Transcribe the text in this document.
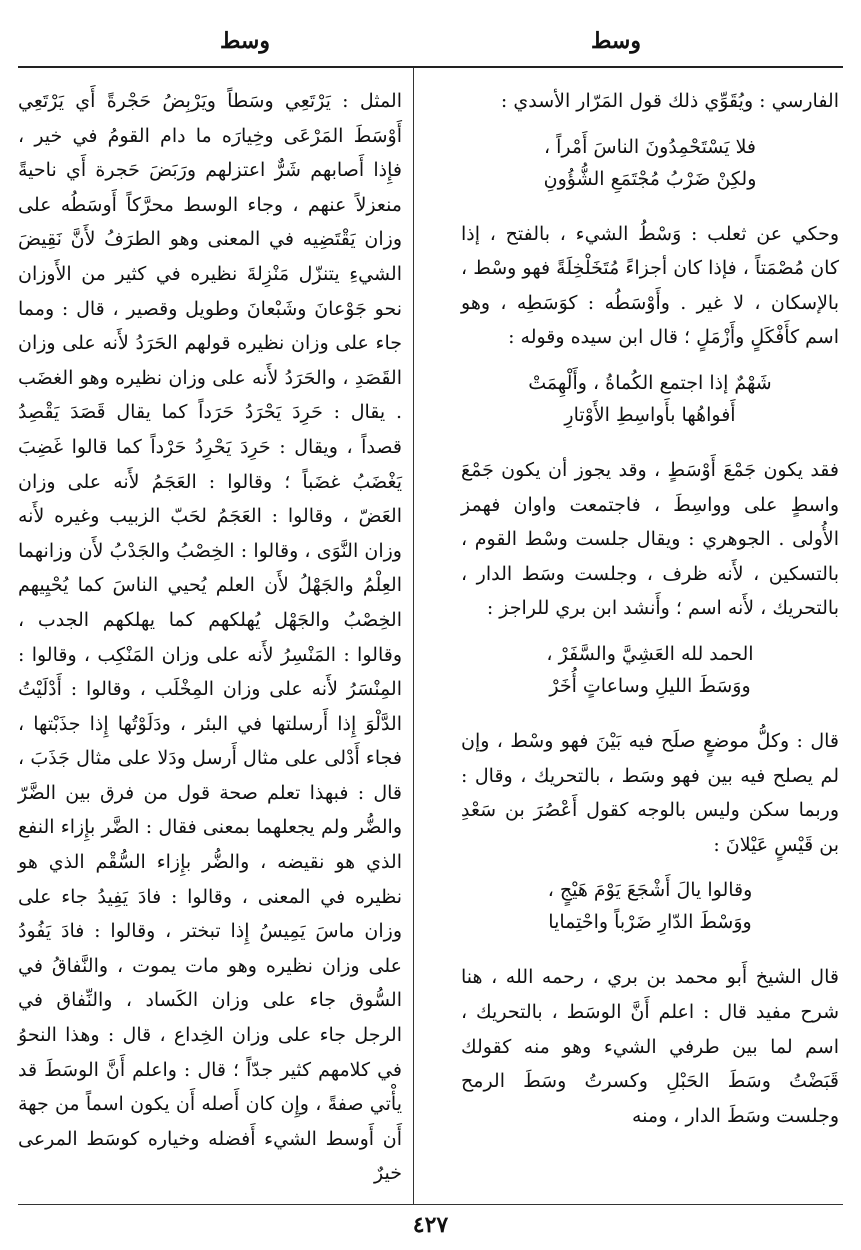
وسط
وسط

الفارسي : ويُقَوِّي ذلك قول المَرّار الأسدي :

فلا يَسْتَحْمِدُونَ الناسَ أَمْراً ،
ولكِنْ ضَرْبُ مُجْتَمَعِ الشُّؤُونِ

وحكي عن ثعلب : وَسْطُ الشيء ، بالفتح ، إذا كان مُصْمَتاً ، فإذا كان أجزاءً مُتَخَلْخِلَةً فهو وسْط ، بالإسكان ، لا غير . وأَوْسَطُه : كوَسَطِه ، وهو اسم كأَفْكَلٍ وأَزْمَلٍ ؛ قال ابن سيده وقوله :

شَهْمٌ إذا اجتمع الكُماةُ ، وأَلْهِمَتْ
أَفواهُها بأَواسِطِ الأَوْتارِ

فقد يكون جَمْعَ أَوْسَطٍ ، وقد يجوز أن يكون جَمْعَ واسطٍ على وواسِطَ ، فاجتمعت واوان فهمز الأُولى . الجوهري : ويقال جلست وسْط القوم ، بالتسكين ، لأَنه ظرف ، وجلست وسَط الدار ، بالتحريك ، لأَنه اسم ؛ وأَنشد ابن بري للراجز :

الحمد لله العَشِيَّ والسَّفَرْ ،
ووَسَطَ الليلِ وساعاتٍ أُخَرْ

قال : وكلُّ موضعٍ صلَح فيه بَيْنَ فهو وسْط ، وإن لم يصلح فيه بين فهو وسَط ، بالتحريك ، وقال : وربما سكن وليس بالوجه كقول أَعْصُرَ بن سَعْدِ بن قَيْسٍ عَيْلانَ :

وقالوا يالَ أَشْجَعَ يَوْمَ هَيْجٍ ،
ووَسْطَ الدّارِ ضَرْباً واحْتِمايا

قال الشيخ أَبو محمد بن بري ، رحمه الله ، هنا شرح مفيد قال : اعلم أَنَّ الوسَط ، بالتحريك ، اسم لما بين طرفي الشيء وهو منه كقولك قَبَضْتُ وسَطَ الحَبْلِ وكسرتُ وسَطَ الرمح وجلست وسَطَ الدار ، ومنه

المثل : يَرْتَعِي وسَطاً ويَرْبِضُ حَجْرةً أَي يَرْتَعِي أَوْسَطَ المَرْعَى وخِيارَه ما دام القومُ في خير ، فإِذا أَصابهم شَرٌّ اعتزلهم ورَبَضَ حَجرة أَي ناحيةً منعزلاً عنهم ، وجاء الوسط محرَّكاً أَوسَطُه على وزان يَقْتَضِيه في المعنى وهو الطرَفُ لأَنَّ نَقِيضَ الشيءِ يتنزّل مَنْزِلةَ نظيره في كثير من الأَوزان نحو جَوْعانَ وشَبْعانَ وطويل وقصير ، قال : ومما جاء على وزان نظيره قولهم الحَرَدُ لأَنه على وزان القَصَدِ ، والحَرَدُ لأَنه على وزان نظيره وهو الغضَب . يقال : حَرِدَ يَحْرَدُ حَرَداً كما يقال قَصَدَ يَقْصِدُ قصداً ، ويقال : حَرِدَ يَحْرِدُ حَرْداً كما قالوا غَضِبَ يَغْضَبُ غضَباً ؛ وقالوا : العَجَمُ لأَنه على وزان العَضّ ، وقالوا : العَجَمُ لحَبّ الزبيب وغيره لأَنه وزان النَّوَى ، وقالوا : الخِصْبُ والجَدْبُ لأَن وزانهما العِلْمُ والجَهْلُ لأَن العلم يُحيي الناسَ كما يُحْيِيهم الخِصْبُ والجَهْل يُهلكهم كما يهلكهم الجدب ، وقالوا : المَنْسِرُ لأَنه على وزان المَنْكِب ، وقالوا : المِنْسَرُ لأَنه على وزان المِخْلَب ، وقالوا : أَدْلَيْتُ الدَّلْوَ إِذا أَرسلتها في البئر ، ودَلَوْتُها إِذا جذَبْتها ، فجاء أَدْلى على مثال أَرسل ودَلا على مثال جَذَبَ ، قال : فبهذا تعلم صحة قول من فرق بين الضَّرّ والضُّر ولم يجعلهما بمعنى فقال : الضَّر بإِزاء النفع الذي هو نقيضه ، والضُّر بإِزاء السُّقْم الذي هو نظيره في المعنى ، وقالوا : فادَ يَفِيدُ جاء على وزان ماسَ يَمِيسُ إِذا تبختر ، وقالوا : فادَ يَفُودُ على وزان نظيره وهو مات يموت ، والنَّفاقُ في السُّوق جاء على وزان الكَساد ، والنِّفاق في الرجل جاء على وزان الخِداع ، قال : وهذا النحوُ في كلامهم كثير جدّاً ؛ قال : واعلم أَنَّ الوسَطَ قد يأْتي صفةً ، وإِن كان أَصله أَن يكون اسماً من جهة أَن أَوسط الشيء أَفضله وخياره كوسَط المرعى خيرٌ

٤٢٧
